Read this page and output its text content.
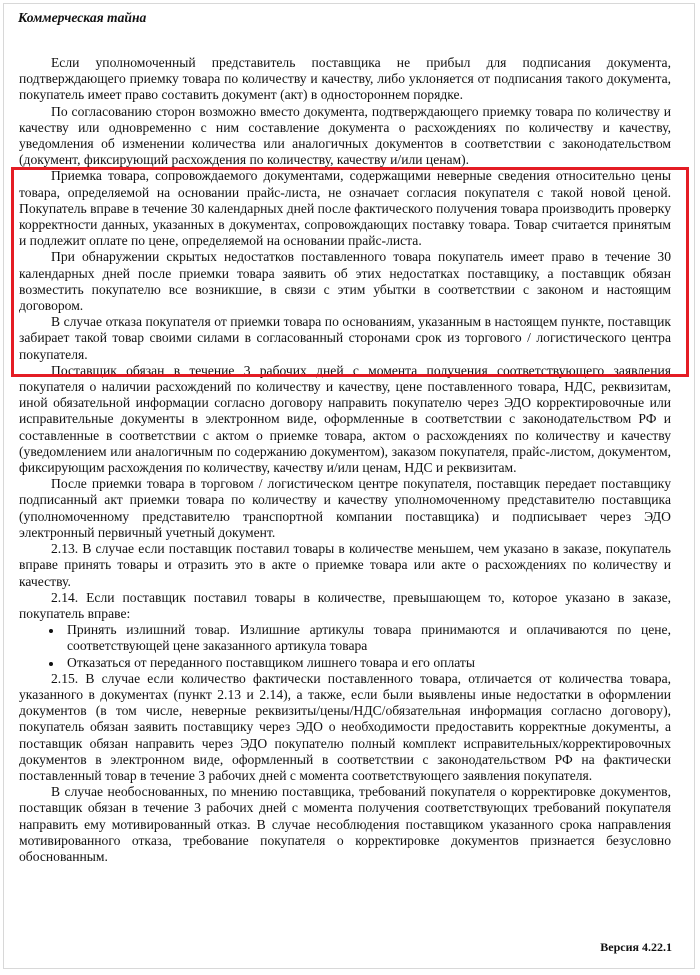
Коммерческая тайна

Если уполномоченный представитель поставщика не прибыл для подписания документа, подтверждающего приемку товара по количеству и качеству, либо уклоняется от подписания такого документа, покупатель имеет право составить документ (акт) в одностороннем порядке.

По согласованию сторон возможно вместо документа, подтверждающего приемку товара по количеству и качеству или одновременно с ним составление документа о расхождениях по количеству и качеству, уведомления об изменении количества или аналогичных документов в соответствии с законодательством (документ, фиксирующий расхождения по количеству, качеству и/или ценам).

Приемка товара, сопровождаемого документами, содержащими неверные сведения относительно цены товара, определяемой на основании прайс-листа, не означает согласия покупателя с такой новой ценой. Покупатель вправе в течение 30 календарных дней после фактического получения товара производить проверку корректности данных, указанных в документах, сопровождающих поставку товара. Товар считается принятым и подлежит оплате по цене, определяемой на основании прайс-листа.

При обнаружении скрытых недостатков поставленного товара покупатель имеет право в течение 30 календарных дней после приемки товара заявить об этих недостатках поставщику, а поставщик обязан возместить покупателю все возникшие, в связи с этим убытки в соответствии с законом и настоящим договором.

В случае отказа покупателя от приемки товара по основаниям, указанным в настоящем пункте, поставщик забирает такой товар своими силами в согласованный сторонами срок из торгового / логистического центра покупателя.

Поставщик обязан в течение 3 рабочих дней с момента получения соответствующего заявления покупателя о наличии расхождений по количеству и качеству, цене поставленного товара, НДС, реквизитам, иной обязательной информации согласно договору направить покупателю через ЭДО корректировочные или исправительные документы в электронном виде, оформленные в соответствии с законодательством РФ и составленные в соответствии с актом о приемке товара, актом о расхождениях по количеству и качеству (уведомлением или аналогичным по содержанию документом), заказом покупателя, прайс-листом, документом, фиксирующим расхождения по количеству, качеству и/или ценам, НДС и реквизитам.

После приемки товара в торговом / логистическом центре покупателя, поставщик передает поставщику подписанный акт приемки товара по количеству и качеству уполномоченному представителю поставщика (уполномоченному представителю транспортной компании поставщика) и подписывает через ЭДО электронный первичный учетный документ.

2.13. В случае если поставщик поставил товары в количестве меньшем, чем указано в заказе, покупатель вправе принять товары и отразить это в акте о приемке товара или акте о расхождениях по количеству и качеству.

2.14. Если поставщик поставил товары в количестве, превышающем то, которое указано в заказе, покупатель вправе:

• Принять излишний товар. Излишние артикулы товара принимаются и оплачиваются по цене, соответствующей цене заказанного артикула товара
• Отказаться от переданного поставщиком лишнего товара и его оплаты

2.15. В случае если количество фактически поставленного товара, отличается от количества товара, указанного в документах (пункт 2.13 и 2.14), а также, если были выявлены иные недостатки в оформлении документов (в том числе, неверные реквизиты/цены/НДС/обязательная информация согласно договору), покупатель обязан заявить поставщику через ЭДО о необходимости предоставить корректные документы, а поставщик обязан направить через ЭДО покупателю полный комплект исправительных/корректировочных документов в электронном виде, оформленный в соответствии с законодательством РФ на фактически поставленный товар в течение 3 рабочих дней с момента соответствующего заявления покупателя.

В случае необоснованных, по мнению поставщика, требований покупателя о корректировке документов, поставщик обязан в течение 3 рабочих дней с момента получения соответствующих требований покупателя направить ему мотивированный отказ. В случае несоблюдения поставщиком указанного срока направления мотивированного отказа, требование покупателя о корректировке документов признается безусловно обоснованным.

Версия 4.22.1
